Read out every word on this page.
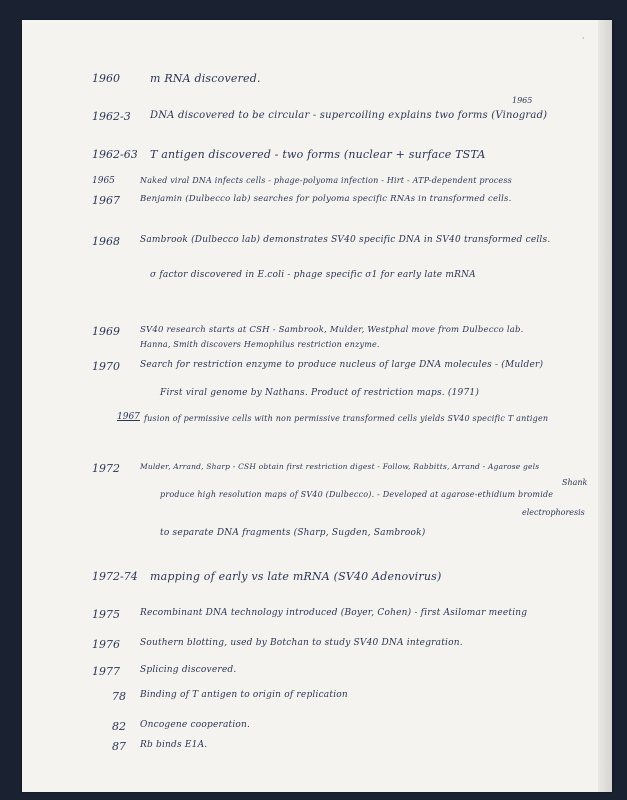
·
1960	m RNA discovered.
1965
1962-3 DNA discovered to be circular - supercoiling explains two forms (Vinograd)
1962-63 T antigen discovered - two forms (nuclear + surface TSTA
1965	Naked viral DNA infects cells - phage-polyoma infection - Hirt - ATP-dependent process
1967 Benjamin (Dulbecco lab) searches for polyoma specific RNAs in transformed cells.
1968 Sambrook (Dulbecco lab) demonstrates SV40 specific DNA in SV40 transformed cells.
σ factor discovered in E.coli - phage specific σ1 for early late mRNA
1969 SV40 research starts at CSH - Sambrook, Mulder, Westphal move from Dulbecco lab.
Hanna, Smith discovers Hemophilus restriction enzyme.
1970 Search for restriction enzyme to produce nucleus of large DNA molecules - (Mulder)
First viral genome by Nathans. Product of restriction maps. (1971)
1967 fusion of permissive cells with non permissive transformed cells yields SV40 specific T antigen
1972	Mulder, Arrand, Sharp - CSH obtain first restriction digest - Follow, Rabbitts, Arrand - Agarose gels
Shank
produce high resolution maps of SV40 (Dulbecco). - Developed at agarose-ethidium bromide
electrophoresis
to separate DNA fragments (Sharp, Sugden, Sambrook)
1972-74 mapping of early vs late mRNA (SV40 Adenovirus)
1975 Recombinant DNA technology introduced (Boyer, Cohen) - first Asilomar meeting
1976 Southern blotting, used by Botchan to study SV40 DNA integration.
1977 Splicing discovered.
78 Binding of T antigen to origin of replication
82 Oncogene cooperation.
87 Rb binds E1A.
